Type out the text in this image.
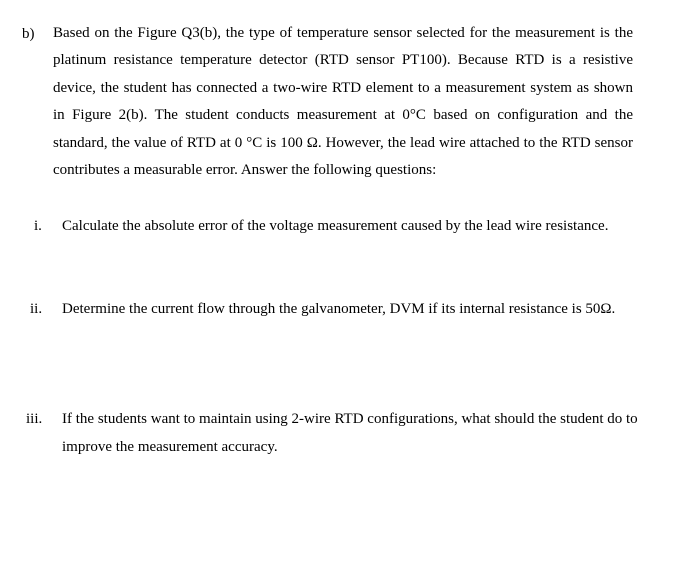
b) Based on the Figure Q3(b), the type of temperature sensor selected for the measurement is the platinum resistance temperature detector (RTD sensor PT100). Because RTD is a resistive device, the student has connected a two-wire RTD element to a measurement system as shown in Figure 2(b). The student conducts measurement at 0°C based on configuration and the standard, the value of RTD at 0 °C is 100 Ω. However, the lead wire attached to the RTD sensor contributes a measurable error. Answer the following questions:
i. Calculate the absolute error of the voltage measurement caused by the lead wire resistance.
ii. Determine the current flow through the galvanometer, DVM if its internal resistance is 50Ω.
iii. If the students want to maintain using 2-wire RTD configurations, what should the student do to improve the measurement accuracy.
